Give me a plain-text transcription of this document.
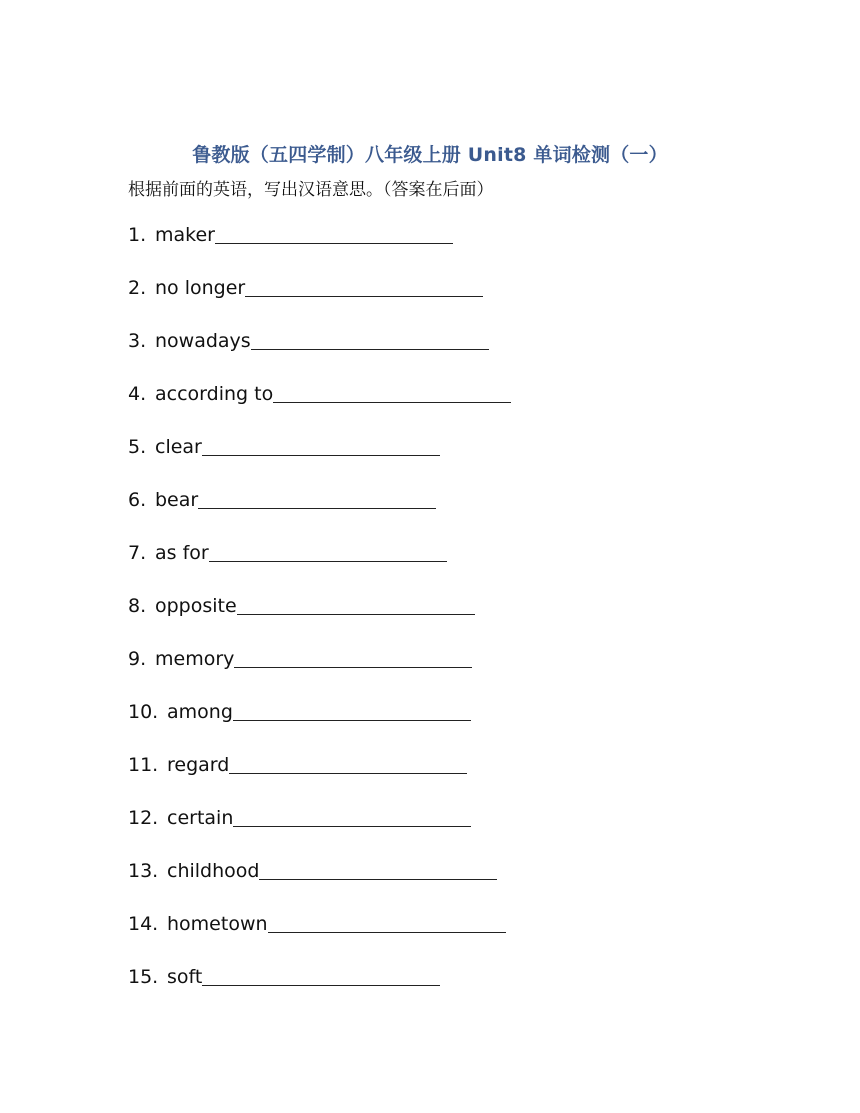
鲁教版（五四学制）八年级上册 Unit8 单词检测（一）
根据前面的英语，写出汉语意思。（答案在后面）
1. maker
2. no longer
3. nowadays
4. according to
5. clear
6. bear
7. as for
8. opposite
9. memory
10. among
11. regard
12. certain
13. childhood
14. hometown
15. soft
